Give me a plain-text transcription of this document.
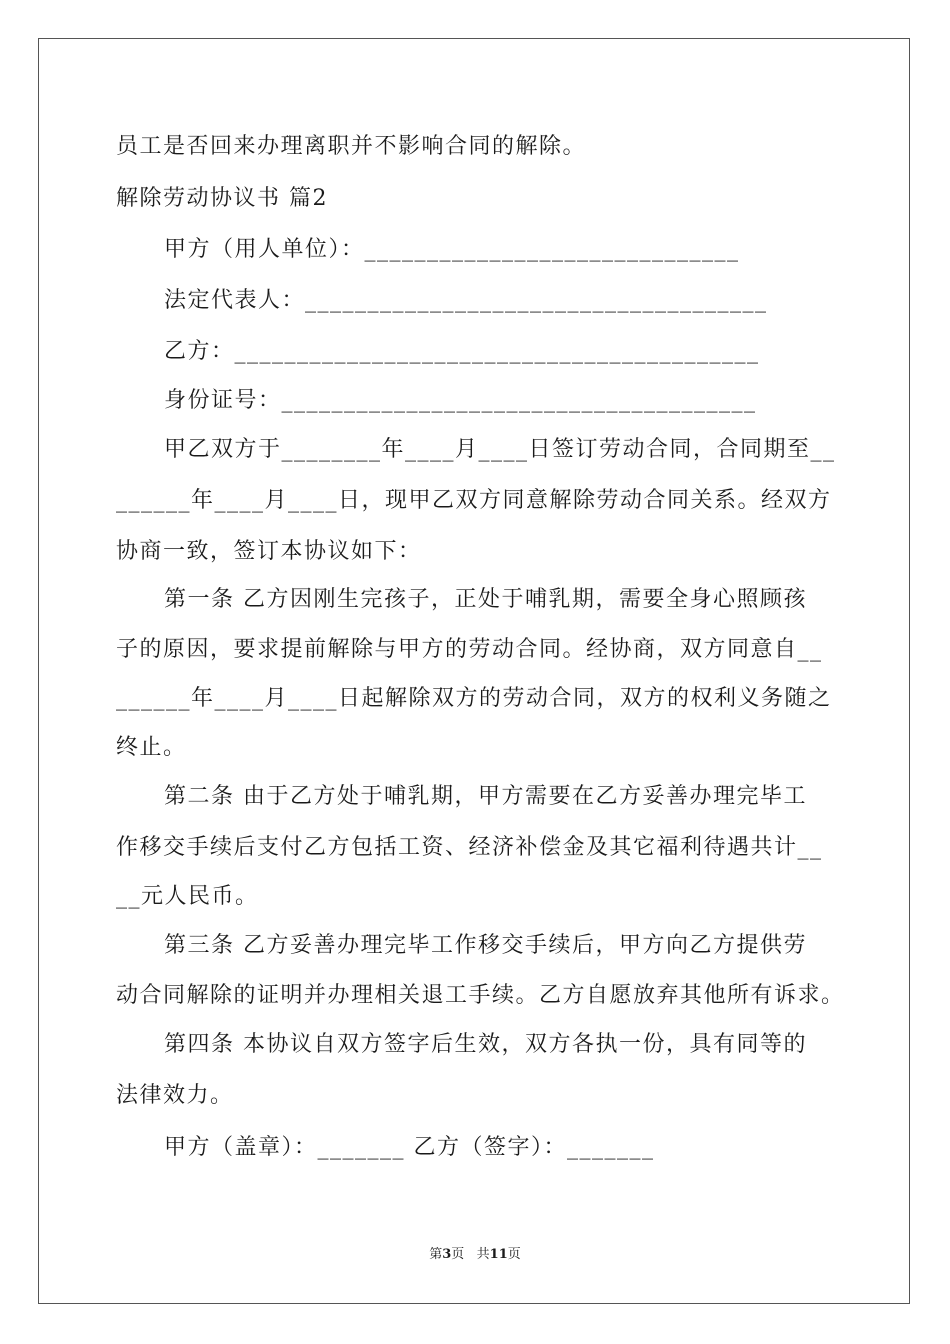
员工是否回来办理离职并不影响合同的解除。
解除劳动协议书 篇2
甲方（用人单位）：______________________________
法定代表人：_____________________________________
乙方：__________________________________________
身份证号：______________________________________
甲乙双方于________年____月____日签订劳动合同，合同期至__
______年____月____日，现甲乙双方同意解除劳动合同关系。经双方
协商一致，签订本协议如下：
第一条 乙方因刚生完孩子，正处于哺乳期，需要全身心照顾孩
子的原因，要求提前解除与甲方的劳动合同。经协商，双方同意自__
______年____月____日起解除双方的劳动合同，双方的权利义务随之
终止。
第二条 由于乙方处于哺乳期，甲方需要在乙方妥善办理完毕工
作移交手续后支付乙方包括工资、经济补偿金及其它福利待遇共计__
__元人民币。
第三条 乙方妥善办理完毕工作移交手续后，甲方向乙方提供劳
动合同解除的证明并办理相关退工手续。乙方自愿放弃其他所有诉求。
第四条 本协议自双方签字后生效，双方各执一份，具有同等的
法律效力。
甲方（盖章）：_______ 乙方（签字）：_______
第3页   共11页
